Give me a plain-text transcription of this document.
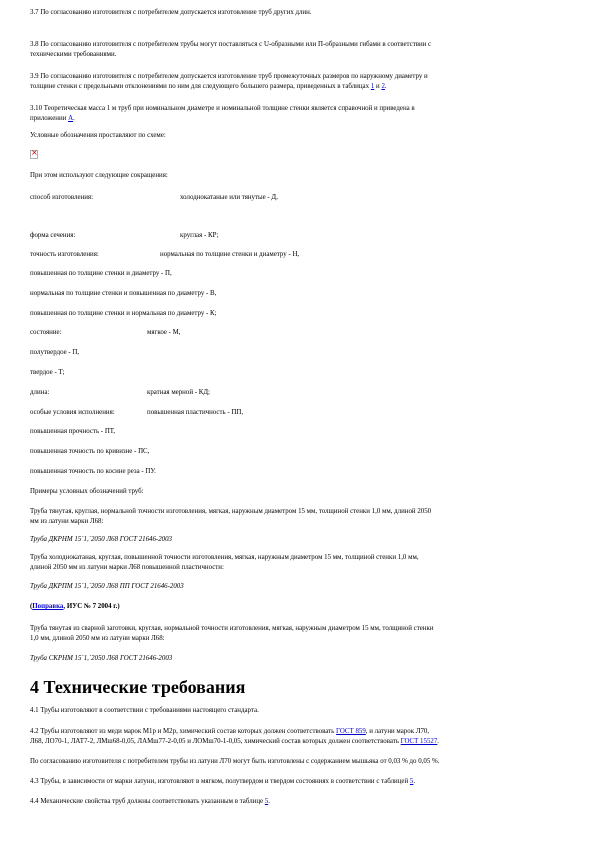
3.7 По согласованию изготовителя с потребителем допускается изготовление труб других длин.
3.8 По согласованию изготовителя с потребителем трубы могут поставляться с U-образными или П-образными гибами в соответствии с
техническими требованиями.
3.9 По согласованию изготовителя с потребителем допускается изготовление труб промежуточных размеров по наружному диаметру и
толщине стенки с предельными отклонениями по ним для следующего большего размера, приведенных в таблицах 1 и 2.
3.10 Теоретическая масса 1 м труб при номинальном диаметре и номинальной толщине стенки является справочной и приведена в
приложении А.
Условные обозначения проставляют по схеме:
×
При этом используют следующие сокращения:
способ изготовления:	холоднокатаные или тянутые - Д,
форма сечения:	круглая - КР;
точность изготовления:	нормальная по толщине стенки и диаметру - Н,
повышенная по толщине стенки и диаметру - П,
нормальная по толщине стенки и повышенная по диаметру - В,
повышенная по толщине стенки и нормальная по диаметру - К;
состояние:	мягкое - М,
полутвердое - П,
твердое - Т;
длина:	кратная мерной - КД;
особые условия исполнения:	повышенная пластичность - ПП,
повышенная прочность - ПТ,
повышенная точность по кривизне - ПС,
повышенная точность по косине реза - ПУ.
Примеры условных обозначений труб:
Труба тянутая, круглая, нормальной точности изготовления, мягкая, наружным диаметром 15 мм, толщиной стенки 1,0 мм, длиной 2050
мм из латуни марки Л68:
Труба ДКРНМ 15´1,´2050 Л68 ГОСТ 21646-2003
Труба холоднокатаная, круглая, повышенной точности изготовления, мягкая, наружным диаметром 15 мм, толщиной стенки 1,0 мм,
длиной 2050 мм из латуни марки Л68 повышенной пластичности:
Труба ДКРПМ 15´1,´2050 Л68 ПП ГОСТ 21646-2003
(Поправка, ИУС № 7 2004 г.)
Труба тянутая из сварной заготовки, круглая, нормальной точности изготовления, мягкая, наружным диаметром 15 мм, толщиной стенки
1,0 мм, длиной 2050 мм из латуни марки Л68:
Труба СКРНМ 15´1,´2050 Л68 ГОСТ 21646-2003
4 Технические требования
4.1 Трубы изготовляют в соответствии с требованиями настоящего стандарта.
4.2 Трубы изготовляют из меди марок М1р и М2р, химический состав которых должен соответствовать ГОСТ 859, и латуни марок Л70,
Л68, ЛО70-1, ЛАТ7-2, ЛМш68-0,05, ЛАМш77-2-0,05 и ЛОМш70-1-0,05, химический состав которых должен соответствовать ГОСТ 15527.
По согласованию изготовителя с потребителем трубы из латуни Л70 могут быть изготовлены с содержанием мышьяка от 0,03 % до 0,05 %.
4.3 Трубы, в зависимости от марки латуни, изготовляют в мягком, полутвердом и твердом состояниях в соответствии с таблицей 5.
4.4 Механические свойства труб должны соответствовать указанным в таблице 5.
